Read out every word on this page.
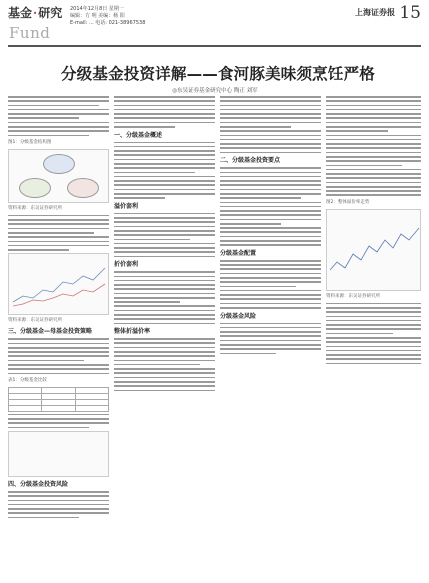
基金·研究
Fund
2014年12月8日 星期一
编辑：方 明 美编：杨 阳
E-mail: ... 电话: 021-38967538
上海证券报 15
分级基金投资详解——食河豚美味须烹饪严格
◎东吴证券基金研究中心 陶正 刘军
图1：分级基金结构图
资料来源：东吴证券研究所
资料来源：东吴证券研究所
三、分级基金—母基金投资策略
表1：分级基金比较

四、分级基金投资风险
一、分级基金概述
溢价套利
折价套利
整体折溢价率
二、分级基金投资要点
分级基金配置
分级基金风险
图2：整体溢价率走势
资料来源：东吴证券研究所
